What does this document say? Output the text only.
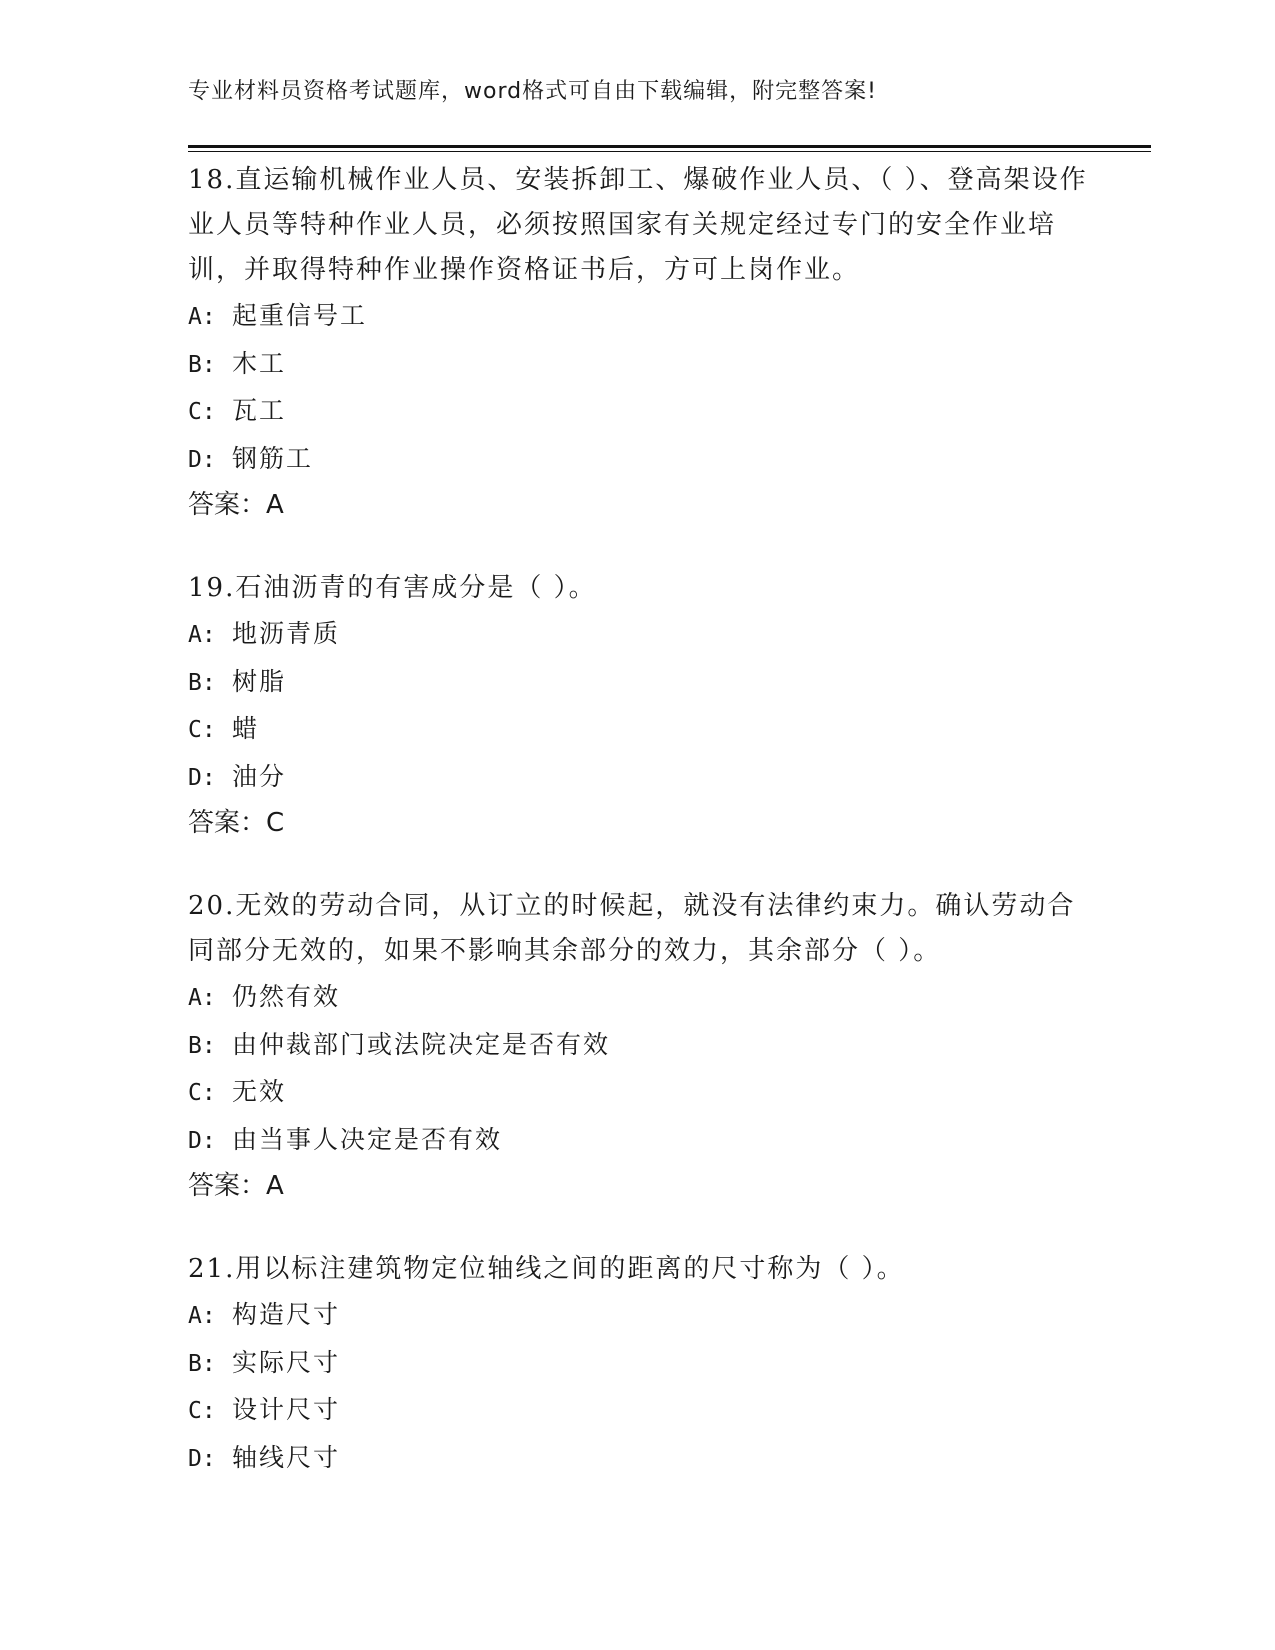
专业材料员资格考试题库，word格式可自由下载编辑，附完整答案!
18.直运输机械作业人员、安装拆卸工、爆破作业人员、（ ）、登高架设作业人员等特种作业人员，必须按照国家有关规定经过专门的安全作业培训，并取得特种作业操作资格证书后，方可上岗作业。
A: 起重信号工
B: 木工
C: 瓦工
D: 钢筋工
答案：A
19.石油沥青的有害成分是（ ）。
A: 地沥青质
B: 树脂
C: 蜡
D: 油分
答案：C
20.无效的劳动合同，从订立的时候起，就没有法律约束力。确认劳动合同部分无效的，如果不影响其余部分的效力，其余部分（ ）。
A: 仍然有效
B: 由仲裁部门或法院决定是否有效
C: 无效
D: 由当事人决定是否有效
答案：A
21.用以标注建筑物定位轴线之间的距离的尺寸称为（ ）。
A: 构造尺寸
B: 实际尺寸
C: 设计尺寸
D: 轴线尺寸
